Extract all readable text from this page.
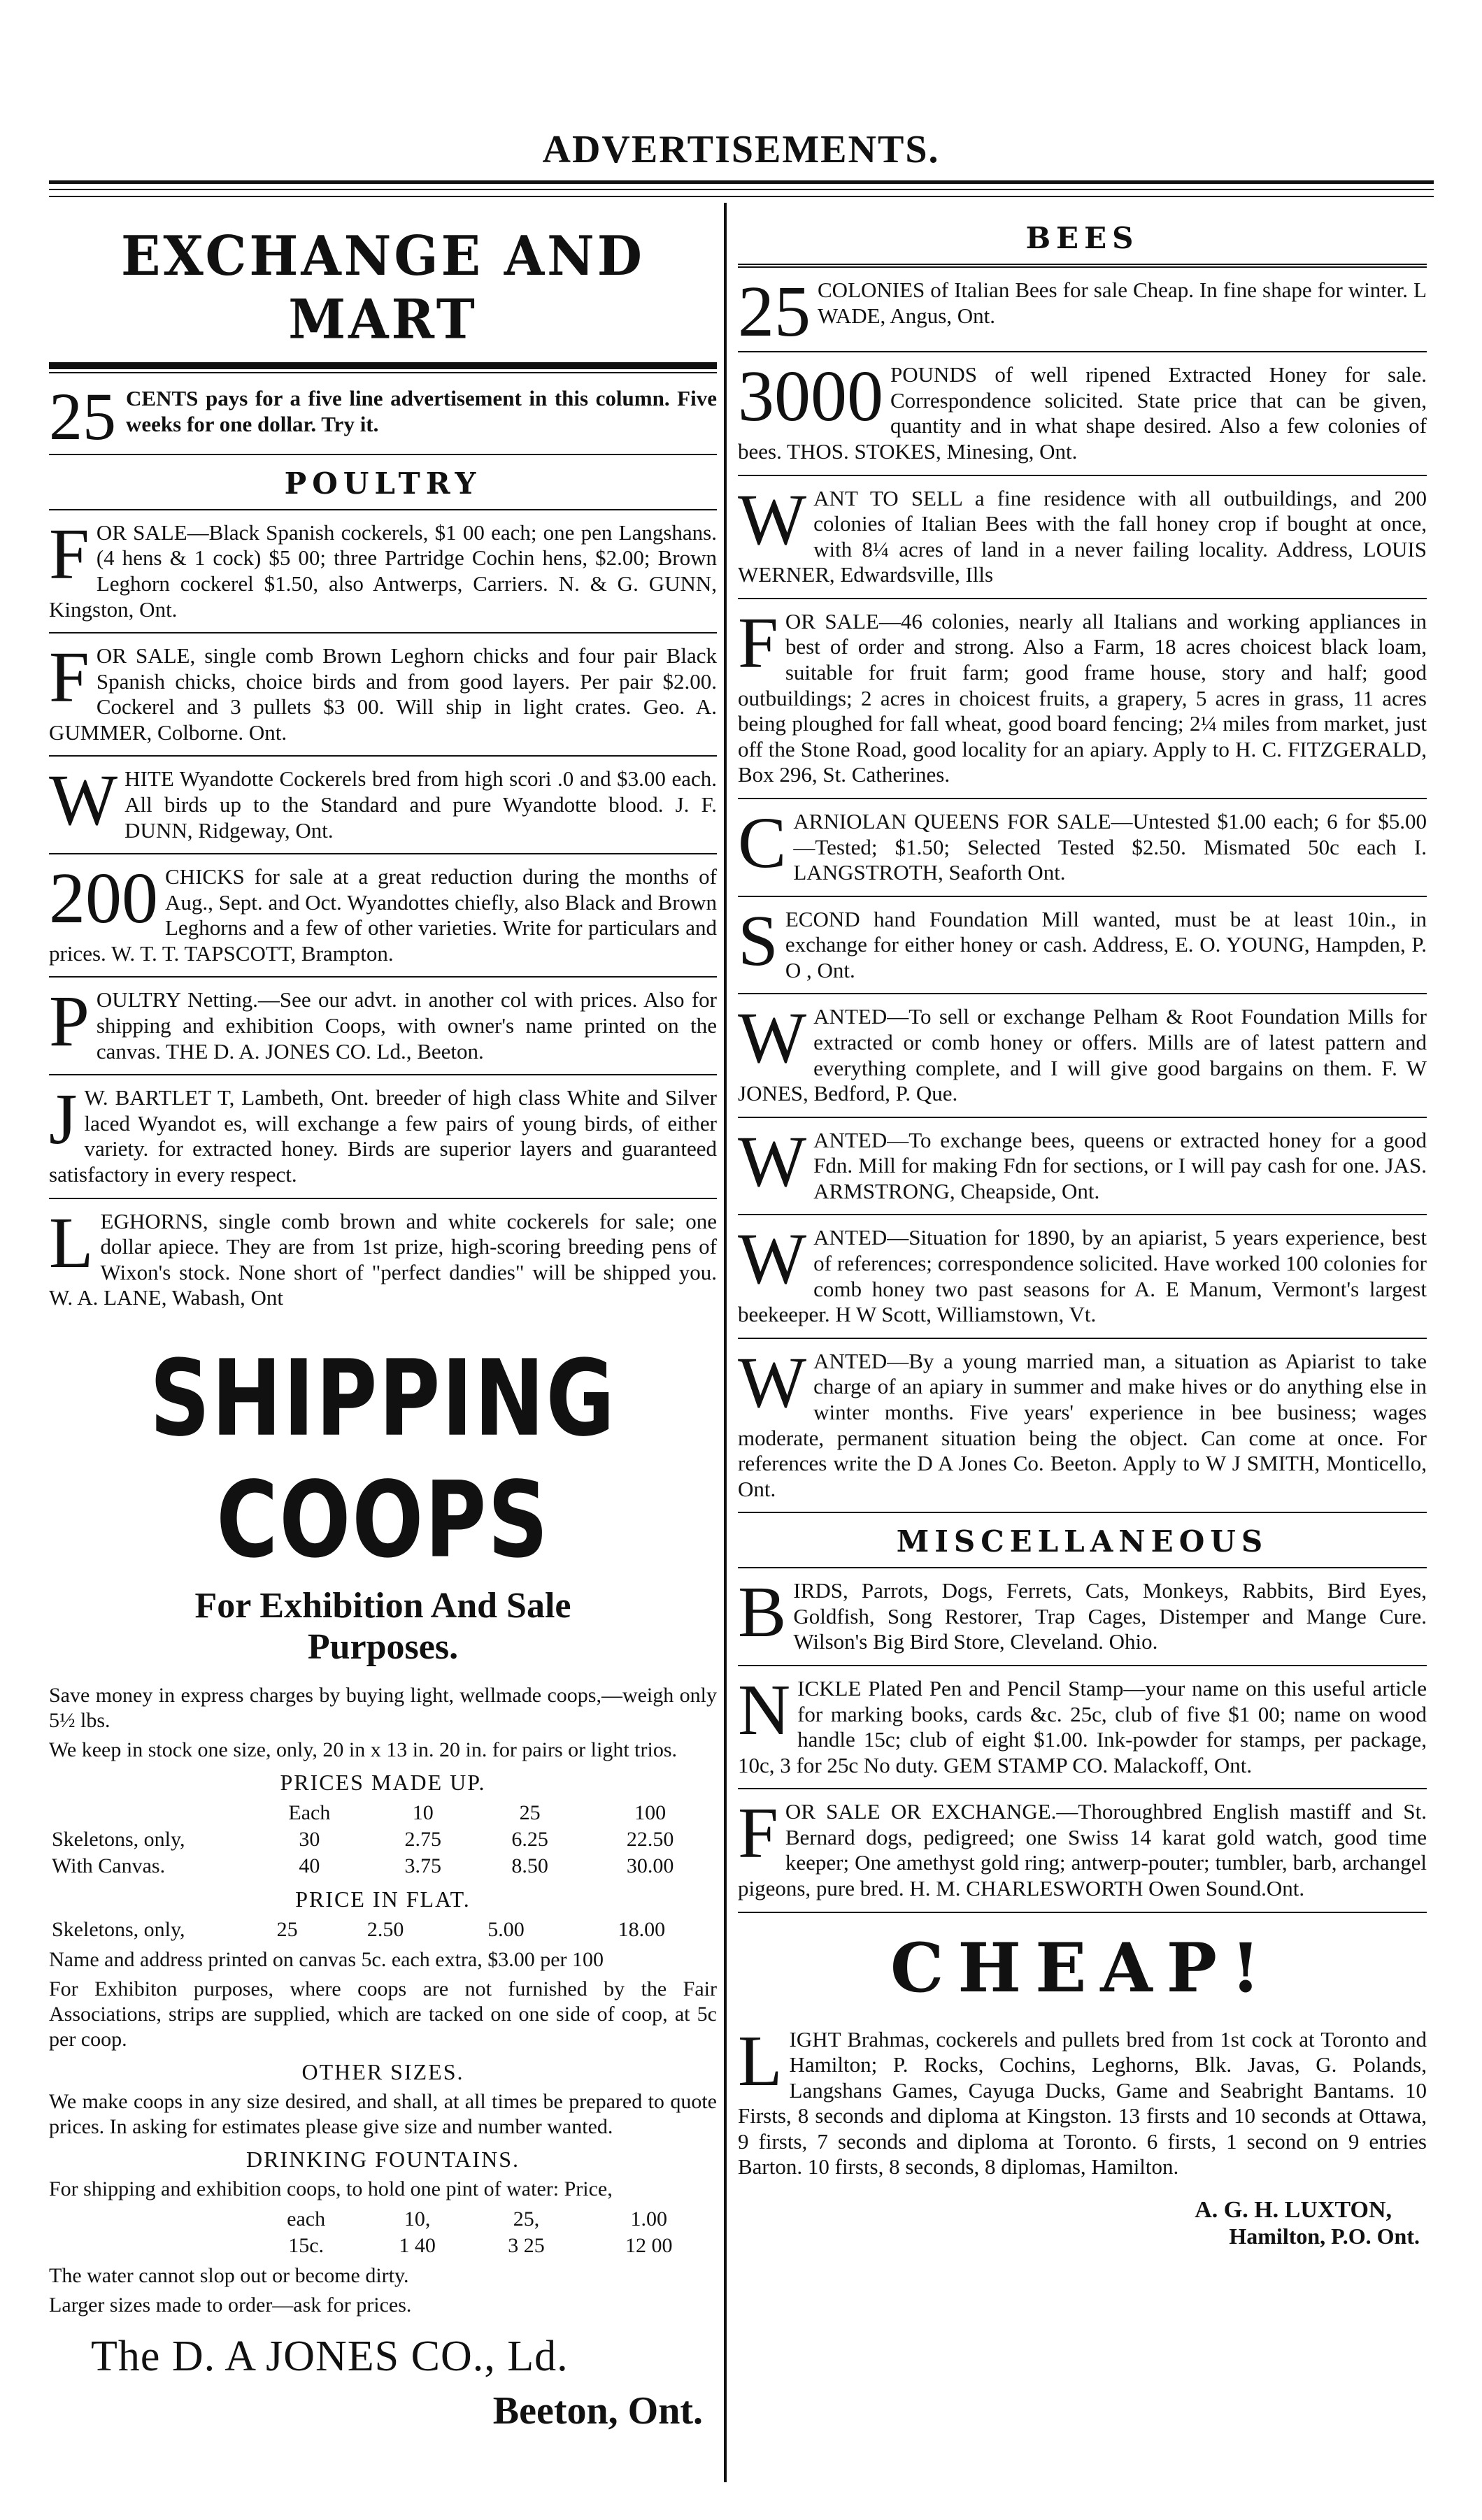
ADVERTISEMENTS.
EXCHANGE AND MART
25 CENTS pays for a five line advertisement in this column. Five weeks for one dollar. Try it.
POULTRY
F OR SALE—Black Spanish cockerels, $1 00 each; one pen Langshans. (4 hens & 1 cock) $5 00; three Partridge Cochin hens, $2.00; Brown Leghorn cockerel $1.50, also Antwerps, Carriers. N. & G. GUNN, Kingston, Ont.
F OR SALE, single comb Brown Leghorn chicks and four pair Black Spanish chicks, choice birds and from good layers. Per pair $2.00. Cockerel and 3 pullets $3 00. Will ship in light crates. Geo. A. GUMMER, Colborne. Ont.
W HITE Wyandotte Cockerels bred from high scori .0 and $3.00 each. All birds up to the Standard and pure Wyandotte blood. J. F. DUNN, Ridgeway, Ont.
200 CHICKS for sale at a great reduction during the months of Aug., Sept. and Oct. Wyandottes chiefly, also Black and Brown Leghorns and a few of other varieties. Write for particulars and prices. W. T. T. TAPSCOTT, Brampton.
P OULTRY Netting.—See our advt. in another col with prices. Also for shipping and exhibition Coops, with owner's name printed on the canvas. THE D. A. JONES CO. Ld., Beeton.
J W. BARTLET T, Lambeth, Ont. breeder of high class White and Silver laced Wyandot es, will exchange a few pairs of young birds, of either variety. for extracted honey. Birds are superior layers and guaranteed satisfactory in every respect.
L EGHORNS, single comb brown and white cockerels for sale; one dollar apiece. They are from 1st prize, high-scoring breeding pens of Wixon's stock. None short of "perfect dandies" will be shipped you. W. A. LANE, Wabash, Ont
SHIPPING COOPS
For Exhibition And Sale
Purposes.

Save money in express charges by buying light, wellmade coops,—weigh only 5½ lbs.

We keep in stock one size, only, 20 in x 13 in. 20 in. for pairs or light trios.

PRICES MADE UP.
	Each	10	25	100
Skeletons, only,	30	2.75	6.25	22.50
With Canvas.	40	3.75	8.50	30.00
PRICE IN FLAT.
Skeletons, only,	25	2.50	5.00	18.00

Name and address printed on canvas 5c. each extra, $3.00 per 100

For Exhibiton purposes, where coops are not furnished by the Fair Associations, strips are supplied, which are tacked on one side of coop, at 5c per coop.

OTHER SIZES.

We make coops in any size desired, and shall, at all times be prepared to quote prices. In asking for estimates please give size and number wanted.

DRINKING FOUNTAINS.

For shipping and exhibition coops, to hold one pint of water: Price,

	each	10,	25,	1.00
	15c.	1 40	3 25	12 00

The water cannot slop out or become dirty.

Larger sizes made to order—ask for prices.

The D. A JONES CO., Ld.
Beeton, Ont.
BEES
25 COLONIES of Italian Bees for sale Cheap. In fine shape for winter. L WADE, Angus, Ont.
3000 POUNDS of well ripened Extracted Honey for sale. Correspondence solicited. State price that can be given, quantity and in what shape desired. Also a few colonies of bees. THOS. STOKES, Minesing, Ont.
W ANT TO SELL a fine residence with all outbuildings, and 200 colonies of Italian Bees with the fall honey crop if bought at once, with 8¼ acres of land in a never failing locality. Address, LOUIS WERNER, Edwardsville, Ills
F OR SALE—46 colonies, nearly all Italians and working appliances in best of order and strong. Also a Farm, 18 acres choicest black loam, suitable for fruit farm; good frame house, story and half; good outbuildings; 2 acres in choicest fruits, a grapery, 5 acres in grass, 11 acres being ploughed for fall wheat, good board fencing; 2¼ miles from market, just off the Stone Road, good locality for an apiary. Apply to H. C. FITZGERALD, Box 296, St. Catherines.
C ARNIOLAN QUEENS FOR SALE—Untested $1.00 each; 6 for $5.00—Tested; $1.50; Selected Tested $2.50. Mismated 50c each I. LANGSTROTH, Seaforth Ont.
S ECOND hand Foundation Mill wanted, must be at least 10in., in exchange for either honey or cash. Address, E. O. YOUNG, Hampden, P. O , Ont.
W ANTED—To sell or exchange Pelham & Root Foundation Mills for extracted or comb honey or offers. Mills are of latest pattern and everything complete, and I will give good bargains on them. F. W JONES, Bedford, P. Que.
W ANTED—To exchange bees, queens or extracted honey for a good Fdn. Mill for making Fdn for sections, or I will pay cash for one. JAS. ARMSTRONG, Cheapside, Ont.
W ANTED—Situation for 1890, by an apiarist, 5 years experience, best of references; correspondence solicited. Have worked 100 colonies for comb honey two past seasons for A. E Manum, Vermont's largest beekeeper. H W Scott, Williamstown, Vt.
W ANTED—By a young married man, a situation as Apiarist to take charge of an apiary in summer and make hives or do anything else in winter months. Five years' experience in bee business; wages moderate, permanent situation being the object. Can come at once. For references write the D A Jones Co. Beeton. Apply to W J SMITH, Monticello, Ont.
MISCELLANEOUS
B IRDS, Parrots, Dogs, Ferrets, Cats, Monkeys, Rabbits, Bird Eyes, Goldfish, Song Restorer, Trap Cages, Distemper and Mange Cure. Wilson's Big Bird Store, Cleveland. Ohio.
N ICKLE Plated Pen and Pencil Stamp—your name on this useful article for marking books, cards &c. 25c, club of five $1 00; name on wood handle 15c; club of eight $1.00. Ink-powder for stamps, per package, 10c, 3 for 25c No duty. GEM STAMP CO. Malackoff, Ont.
F OR SALE OR EXCHANGE.—Thoroughbred English mastiff and St. Bernard dogs, pedigreed; one Swiss 14 karat gold watch, good time keeper; One amethyst gold ring; antwerp-pouter; tumbler, barb, archangel pigeons, pure bred. H. M. CHARLESWORTH Owen Sound.Ont.
CHEAP!
L IGHT Brahmas, cockerels and pullets bred from 1st cock at Toronto and Hamilton; P. Rocks, Cochins, Leghorns, Blk. Javas, G. Polands, Langshans Games, Cayuga Ducks, Game and Seabright Bantams. 10 Firsts, 8 seconds and diploma at Kingston. 13 firsts and 10 seconds at Ottawa, 9 firsts, 7 seconds and diploma at Toronto. 6 firsts, 1 second on 9 entries Barton. 10 firsts, 8 seconds, 8 diplomas, Hamilton.
A. G. H. LUXTON,
Hamilton, P.O. Ont.
